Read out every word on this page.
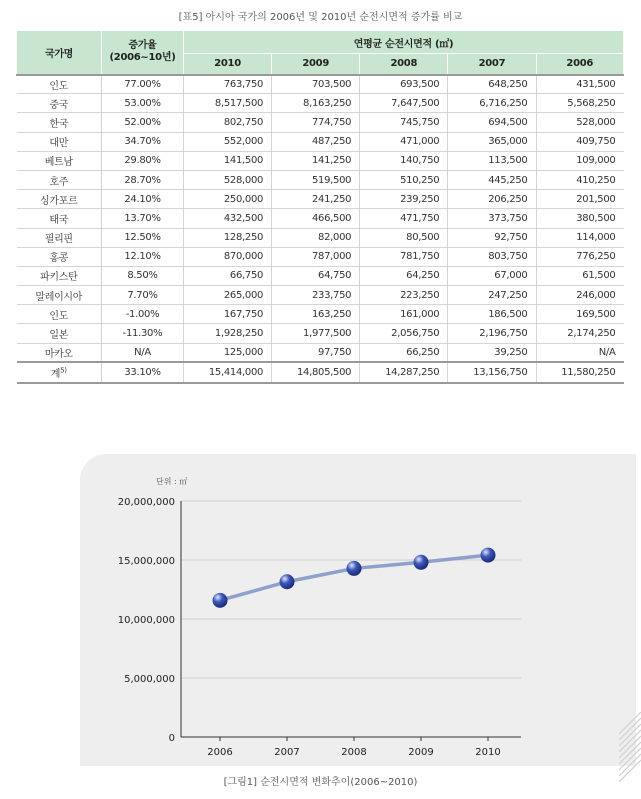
[표5] 아시아 국가의 2006년 및 2010년 순전시면적 증가률 비교
국가명	증가율
(2006~10년)	연평균 순전시면적 (㎡)				
		2010	2009	2008	2007	2006
인도	77.00%	763,750	703,500	693,500	648,250	431,500
중국	53.00%	8,517,500	8,163,250	7,647,500	6,716,250	5,568,250
한국	52.00%	802,750	774,750	745,750	694,500	528,000
대만	34.70%	552,000	487,250	471,000	365,000	409,750
베트남	29.80%	141,500	141,250	140,750	113,500	109,000
호주	28.70%	528,000	519,500	510,250	445,250	410,250
싱가포르	24.10%	250,000	241,250	239,250	206,250	201,500
태국	13.70%	432,500	466,500	471,750	373,750	380,500
필리핀	12.50%	128,250	82,000	80,500	92,750	114,000
홍콩	12.10%	870,000	787,000	781,750	803,750	776,250
파키스탄	8.50%	66,750	64,750	64,250	67,000	61,500
말레이시아	7.70%	265,000	233,750	223,250	247,250	246,000
인도	-1.00%	167,750	163,250	161,000	186,500	169,500
일본	-11.30%	1,928,250	1,977,500	2,056,750	2,196,750	2,174,250
마카오	N/A	125,000	97,750	66,250	39,250	N/A
계$^{5)}$	33.10%	15,414,000	14,805,500	14,287,250	13,156,750	11,580,250
단위 : ㎡
0
5,000,000
10,000,000
15,000,000
20,000,000
2006	2007	2008	2009	2010
[그림1] 순전시면적 변화추이(2006~2010)
